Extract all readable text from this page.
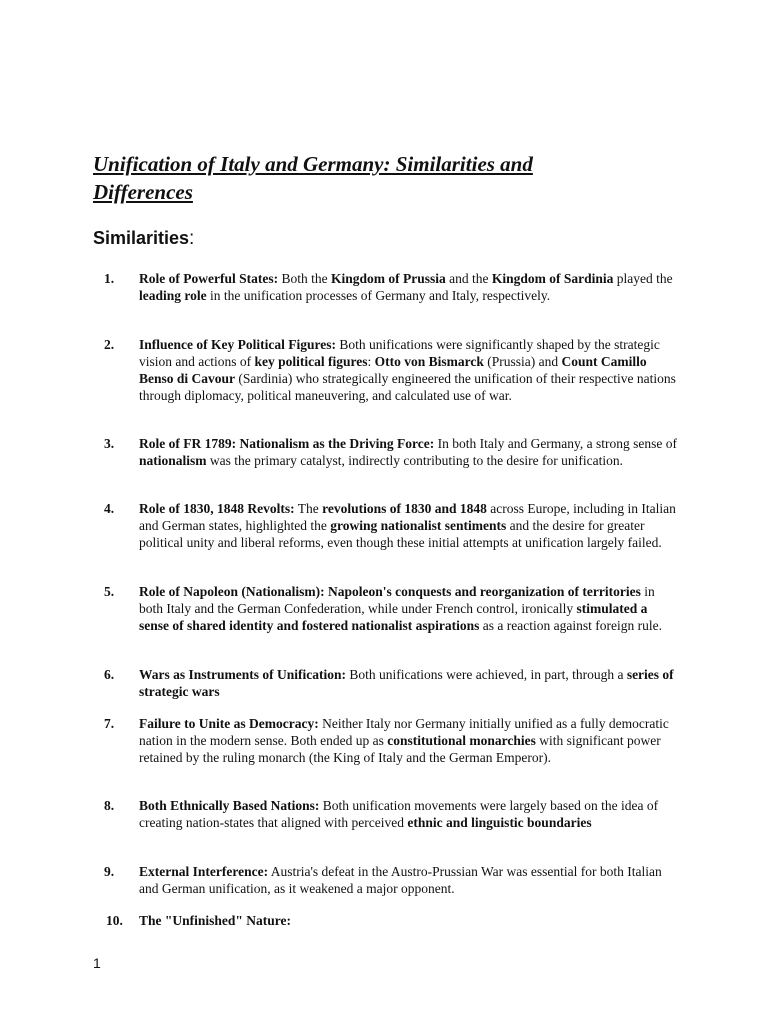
Unification of Italy and Germany: Similarities and
Differences
Similarities:
1.	Role of Powerful States: Both the Kingdom of Prussia and the Kingdom of Sardinia played the leading role in the unification processes of Germany and Italy, respectively.
2.	Influence of Key Political Figures: Both unifications were significantly shaped by the strategic vision and actions of key political figures: Otto von Bismarck (Prussia) and Count Camillo Benso di Cavour (Sardinia) who strategically engineered the unification of their respective nations through diplomacy, political maneuvering, and calculated use of war.
3.	Role of FR 1789: Nationalism as the Driving Force: In both Italy and Germany, a strong sense of nationalism was the primary catalyst, indirectly contributing to the desire for unification.
4.	Role of 1830, 1848 Revolts: The revolutions of 1830 and 1848 across Europe, including in Italian and German states, highlighted the growing nationalist sentiments and the desire for greater political unity and liberal reforms, even though these initial attempts at unification largely failed.
5.	Role of Napoleon (Nationalism): Napoleon's conquests and reorganization of territories in both Italy and the German Confederation, while under French control, ironically stimulated a sense of shared identity and fostered nationalist aspirations as a reaction against foreign rule.
6.	Wars as Instruments of Unification: Both unifications were achieved, in part, through a series of strategic wars
7.	Failure to Unite as Democracy: Neither Italy nor Germany initially unified as a fully democratic nation in the modern sense. Both ended up as constitutional monarchies with significant power retained by the ruling monarch (the King of Italy and the German Emperor).
8.	Both Ethnically Based Nations: Both unification movements were largely based on the idea of creating nation-states that aligned with perceived ethnic and linguistic boundaries
9.	External Interference: Austria's defeat in the Austro-Prussian War was essential for both Italian and German unification, as it weakened a major opponent.
10.	The "Unfinished" Nature:
1
